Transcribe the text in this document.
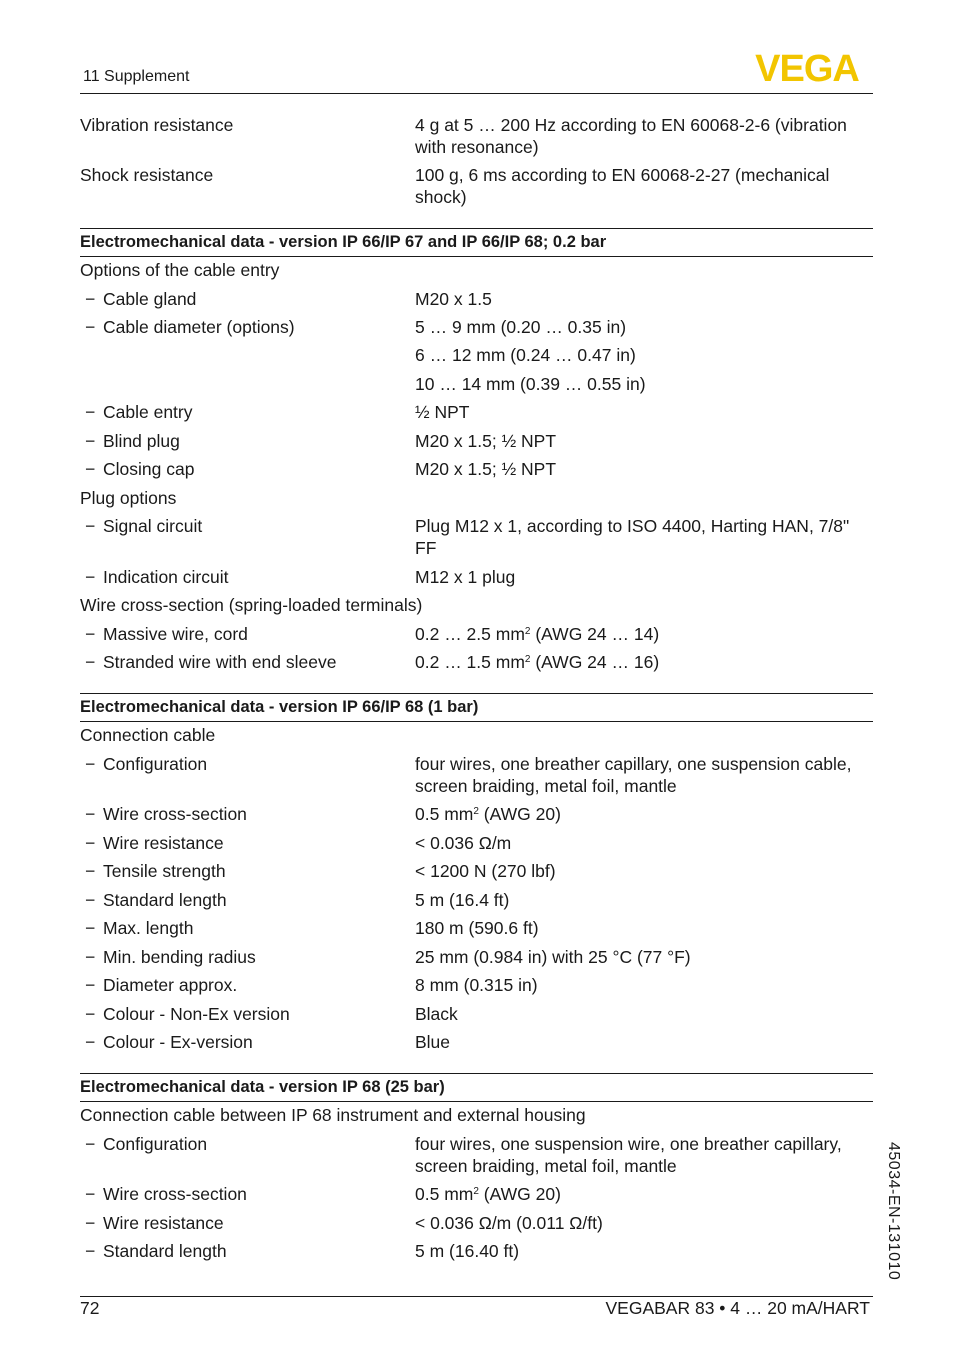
11 Supplement	VEGA
Vibration resistance	4 g at 5 … 200 Hz according to EN 60068-2-6 (vibration with resonance)
Shock resistance	100 g, 6 ms according to EN 60068-2-27 (mechanical shock)
Electromechanical data - version IP 66/IP 67 and IP 66/IP 68; 0.2 bar
Options of the cable entry
− Cable gland	M20 x 1.5
− Cable diameter (options)	5 … 9 mm (0.20 … 0.35 in)
6 … 12 mm (0.24 … 0.47 in)
10 … 14 mm (0.39 … 0.55 in)
− Cable entry	½ NPT
− Blind plug	M20 x 1.5; ½ NPT
− Closing cap	M20 x 1.5; ½ NPT
Plug options
− Signal circuit	Plug M12 x 1, according to ISO 4400, Harting HAN, 7/8" FF
− Indication circuit	M12 x 1 plug
Wire cross-section (spring-loaded terminals)
− Massive wire, cord	0.2 … 2.5 $mm^2$ (AWG 24 … 14)
− Stranded wire with end sleeve	0.2 … 1.5 $mm^2$ (AWG 24 … 16)
Electromechanical data - version IP 66/IP 68 (1 bar)
Connection cable
− Configuration	four wires, one breather capillary, one suspension cable, screen braiding, metal foil, mantle
− Wire cross-section	0.5 $mm^2$ (AWG 20)
− Wire resistance	< 0.036 Ω/m
− Tensile strength	< 1200 N (270 lbf)
− Standard length	5 m (16.4 ft)
− Max. length	180 m (590.6 ft)
− Min. bending radius	25 mm (0.984 in) with 25 °C (77 °F)
− Diameter approx.	8 mm (0.315 in)
− Colour - Non-Ex version	Black
− Colour - Ex-version	Blue
Electromechanical data - version IP 68 (25 bar)
Connection cable between IP 68 instrument and external housing
− Configuration	four wires, one suspension wire, one breather capillary, screen braiding, metal foil, mantle
− Wire cross-section	0.5 $mm^2$ (AWG 20)
− Wire resistance	< 0.036 Ω/m (0.011 Ω/ft)
− Standard length	5 m (16.40 ft)	45034-EN-131010
72	VEGABAR 83 • 4 … 20 mA/HART
